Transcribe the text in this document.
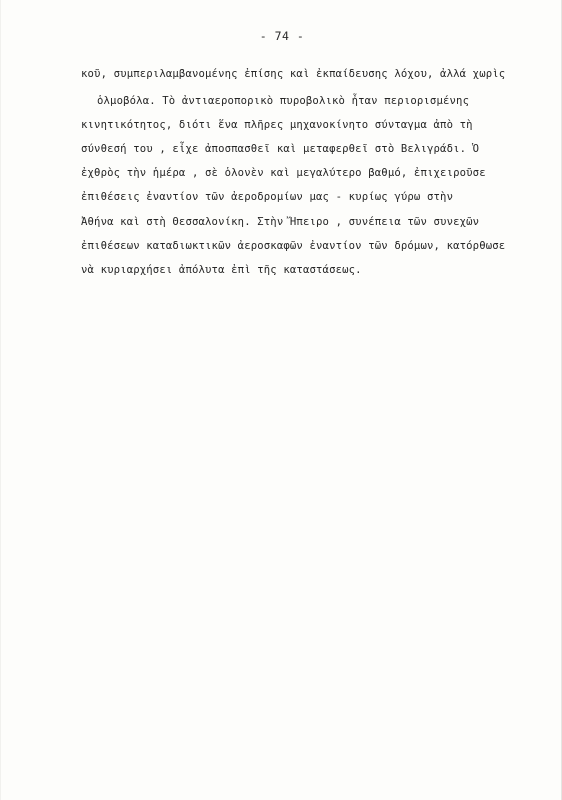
- 74 -
κοῦ, συμπεριλαμβανομένης ἐπίσης καὶ ἐκπαίδευσης λόχου, ἀλλά χωρὶς
ὁλμοβόλα. Τὸ ἀντιαεροπορικὸ πυροβολικὸ ἦταν περιορισμένης
κινητικότητος, διότι ἕνα πλῆρες μηχανοκίνητο σύνταγμα ἀπὸ τὴ
σύνθεσή του , εἶχε ἀποσπασθεῖ καὶ μεταφερθεῖ στὸ Βελιγράδι. Ὁ
ἐχθρὸς τὴν ἡμέρα , σὲ ὁλονὲν καὶ μεγαλύτερο βαθμό, ἐπιχειροῦσε
ἐπιθέσεις ἐναντίον τῶν ἀεροδρομίων μας - κυρίως γύρω στὴν
Ἀθήνα καὶ στὴ Θεσσαλονίκη. Στὴν Ἤπειρο , συνέπεια τῶν συνεχῶν
ἐπιθέσεων καταδιωκτικῶν ἀεροσκαφῶν ἐναντίον τῶν δρόμων, κατόρθωσε
νὰ κυριαρχήσει ἀπόλυτα ἐπὶ τῆς καταστάσεως.
